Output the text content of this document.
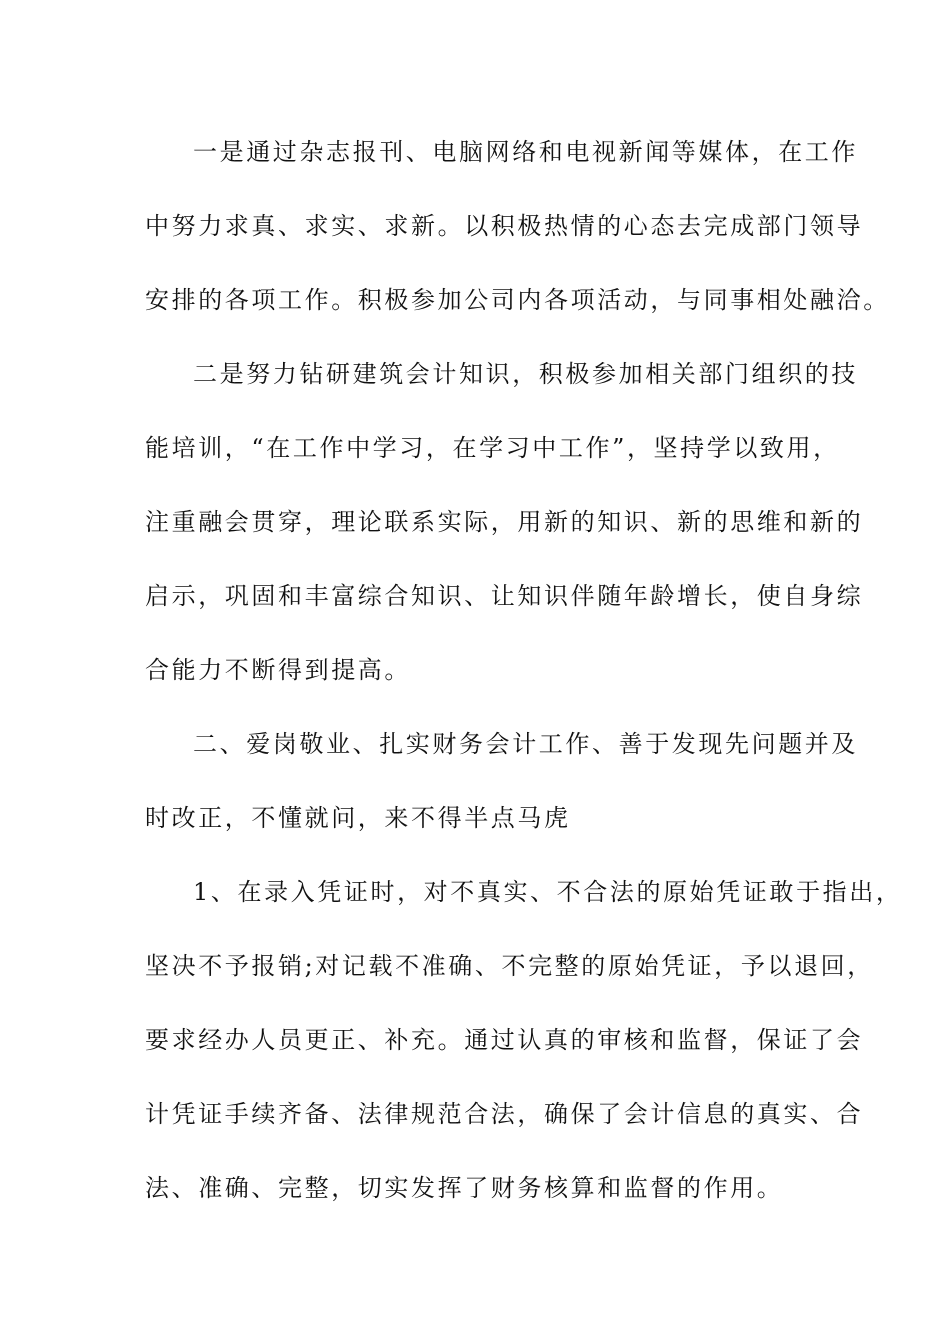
一是通过杂志报刊、电脑网络和电视新闻等媒体，在工作
中努力求真、求实、求新。以积极热情的心态去完成部门领导
安排的各项工作。积极参加公司内各项活动，与同事相处融洽。
二是努力钻研建筑会计知识，积极参加相关部门组织的技
能培训，“在工作中学习，在学习中工作”，坚持学以致用，
注重融会贯穿，理论联系实际，用新的知识、新的思维和新的
启示，巩固和丰富综合知识、让知识伴随年龄增长，使自身综
合能力不断得到提高。
二、爱岗敬业、扎实财务会计工作、善于发现先问题并及
时改正，不懂就问，来不得半点马虎
1、在录入凭证时，对不真实、不合法的原始凭证敢于指出，
坚决不予报销;对记载不准确、不完整的原始凭证，予以退回，
要求经办人员更正、补充。通过认真的审核和监督，保证了会
计凭证手续齐备、法律规范合法，确保了会计信息的真实、合
法、准确、完整，切实发挥了财务核算和监督的作用。
